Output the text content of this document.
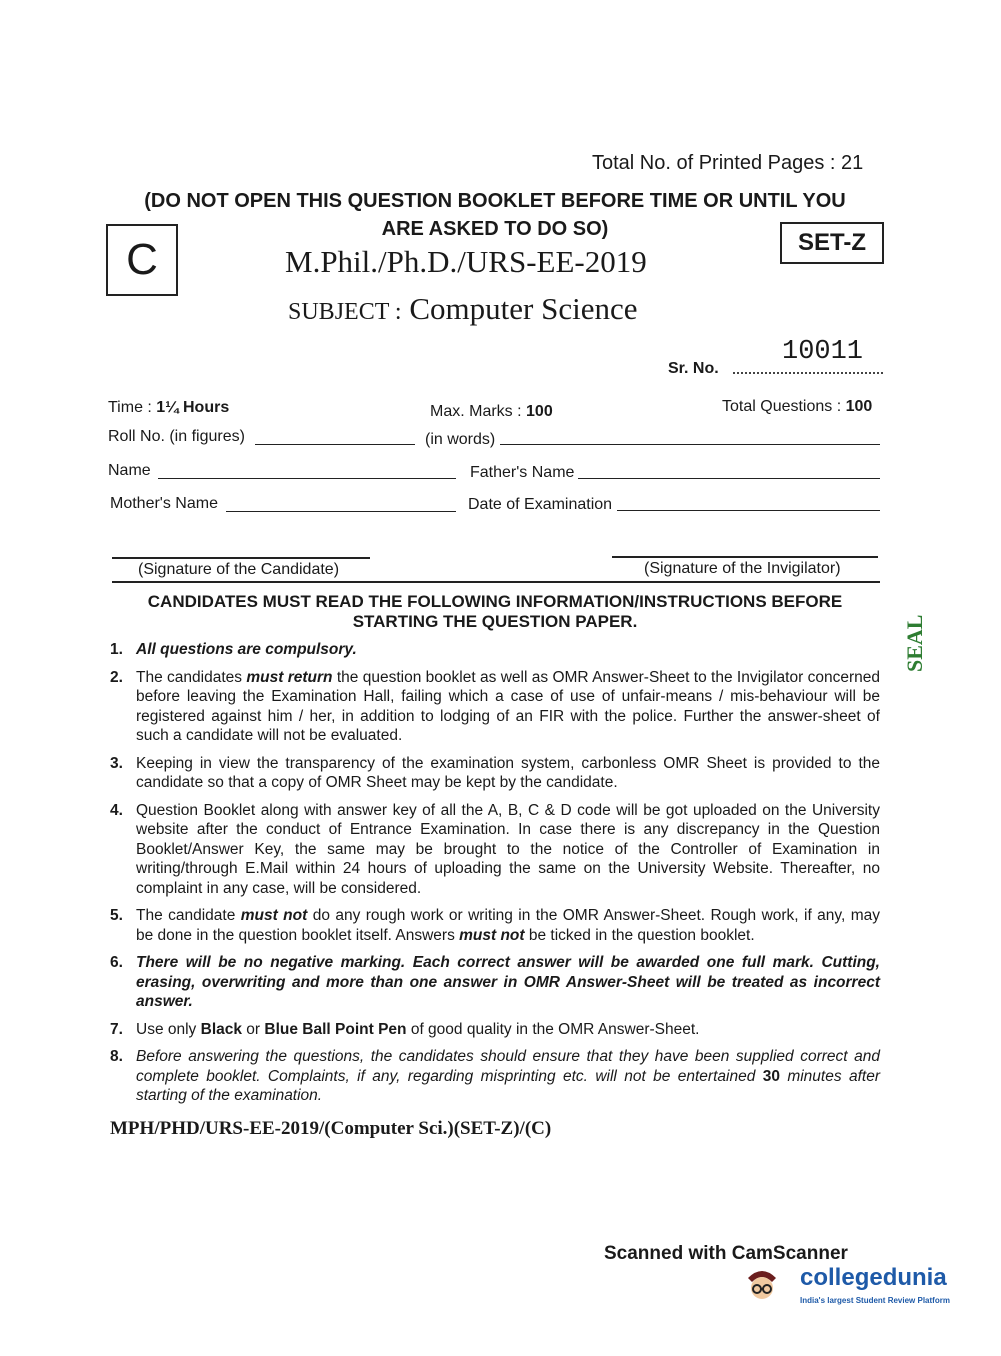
Total No. of Printed Pages : 21
(DO NOT OPEN THIS QUESTION BOOKLET BEFORE TIME OR UNTIL YOU
ARE ASKED TO DO SO)
C	SET-Z
M.Phil./Ph.D./URS-EE-2019
SUBJECT : Computer Science
Sr. No.
10011
Time : 1¼ Hours	Max. Marks : 100	Total Questions : 100
Roll No. (in figures)	(in words)
Name	Father's Name
Mother's Name	Date of Examination
(Signature of the Candidate)	(Signature of the Invigilator)
CANDIDATES MUST READ THE FOLLOWING INFORMATION/INSTRUCTIONS BEFORE
STARTING THE QUESTION PAPER.
1. All questions are compulsory.
2. The candidates must return the question booklet as well as OMR Answer-Sheet to the Invigilator concerned before leaving the Examination Hall, failing which a case of use of unfair-means / mis-behaviour will be registered against him / her, in addition to lodging of an FIR with the police. Further the answer-sheet of such a candidate will not be evaluated.
3. Keeping in view the transparency of the examination system, carbonless OMR Sheet is provided to the candidate so that a copy of OMR Sheet may be kept by the candidate.
4. Question Booklet along with answer key of all the A, B, C & D code will be got uploaded on the University website after the conduct of Entrance Examination. In case there is any discrepancy in the Question Booklet/Answer Key, the same may be brought to the notice of the Controller of Examination in writing/through E.Mail within 24 hours of uploading the same on the University Website. Thereafter, no complaint in any case, will be considered.
5. The candidate must not do any rough work or writing in the OMR Answer-Sheet. Rough work, if any, may be done in the question booklet itself. Answers must not be ticked in the question booklet.
6. There will be no negative marking. Each correct answer will be awarded one full mark. Cutting, erasing, overwriting and more than one answer in OMR Answer-Sheet will be treated as incorrect answer.
7. Use only Black or Blue Ball Point Pen of good quality in the OMR Answer-Sheet.
8. Before answering the questions, the candidates should ensure that they have been supplied correct and complete booklet. Complaints, if any, regarding misprinting etc. will not be entertained 30 minutes after starting of the examination.
MPH/PHD/URS-EE-2019/(Computer Sci.)(SET-Z)/(C)
SEAL
Scanned with CamScanner
collegedunia
India's largest Student Review Platform
